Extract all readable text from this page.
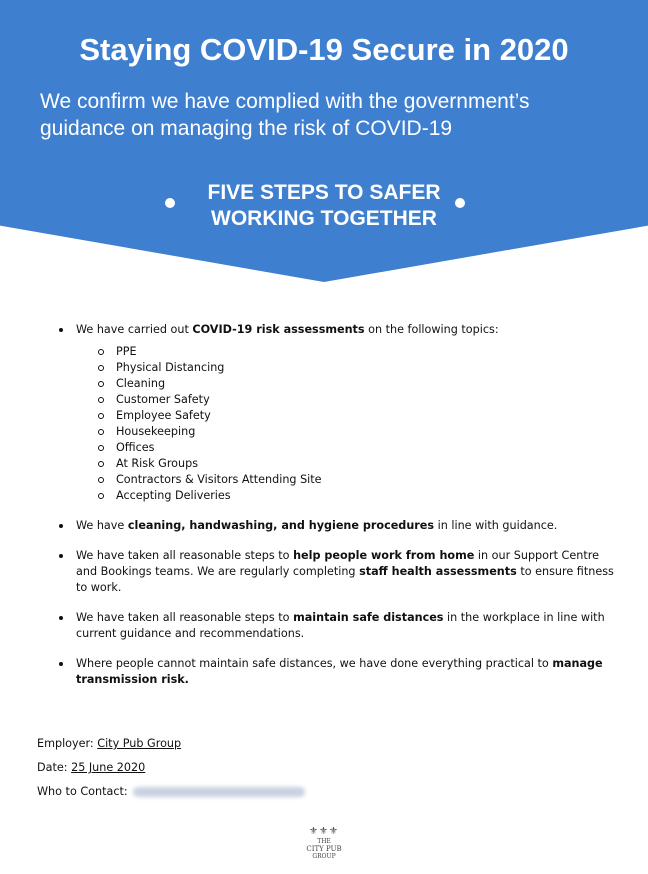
Staying COVID-19 Secure in 2020
We confirm we have complied with the government’s guidance on managing the risk of COVID-19
FIVE STEPS TO SAFER
WORKING TOGETHER
We have carried out COVID-19 risk assessments on the following topics:
PPE
Physical Distancing
Cleaning
Customer Safety
Employee Safety
Housekeeping
Offices
At Risk Groups
Contractors & Visitors Attending Site
Accepting Deliveries
We have cleaning, handwashing, and hygiene procedures in line with guidance.
We have taken all reasonable steps to help people work from home in our Support Centre and Bookings teams. We are regularly completing staff health assessments to ensure fitness to work.
We have taken all reasonable steps to maintain safe distances in the workplace in line with current guidance and recommendations.
Where people cannot maintain safe distances, we have done everything practical to manage transmission risk.
Employer: City Pub Group
Date: 25 June 2020
Who to Contact:
⚜⚜⚜
THE
CITY PUB
GROUP
